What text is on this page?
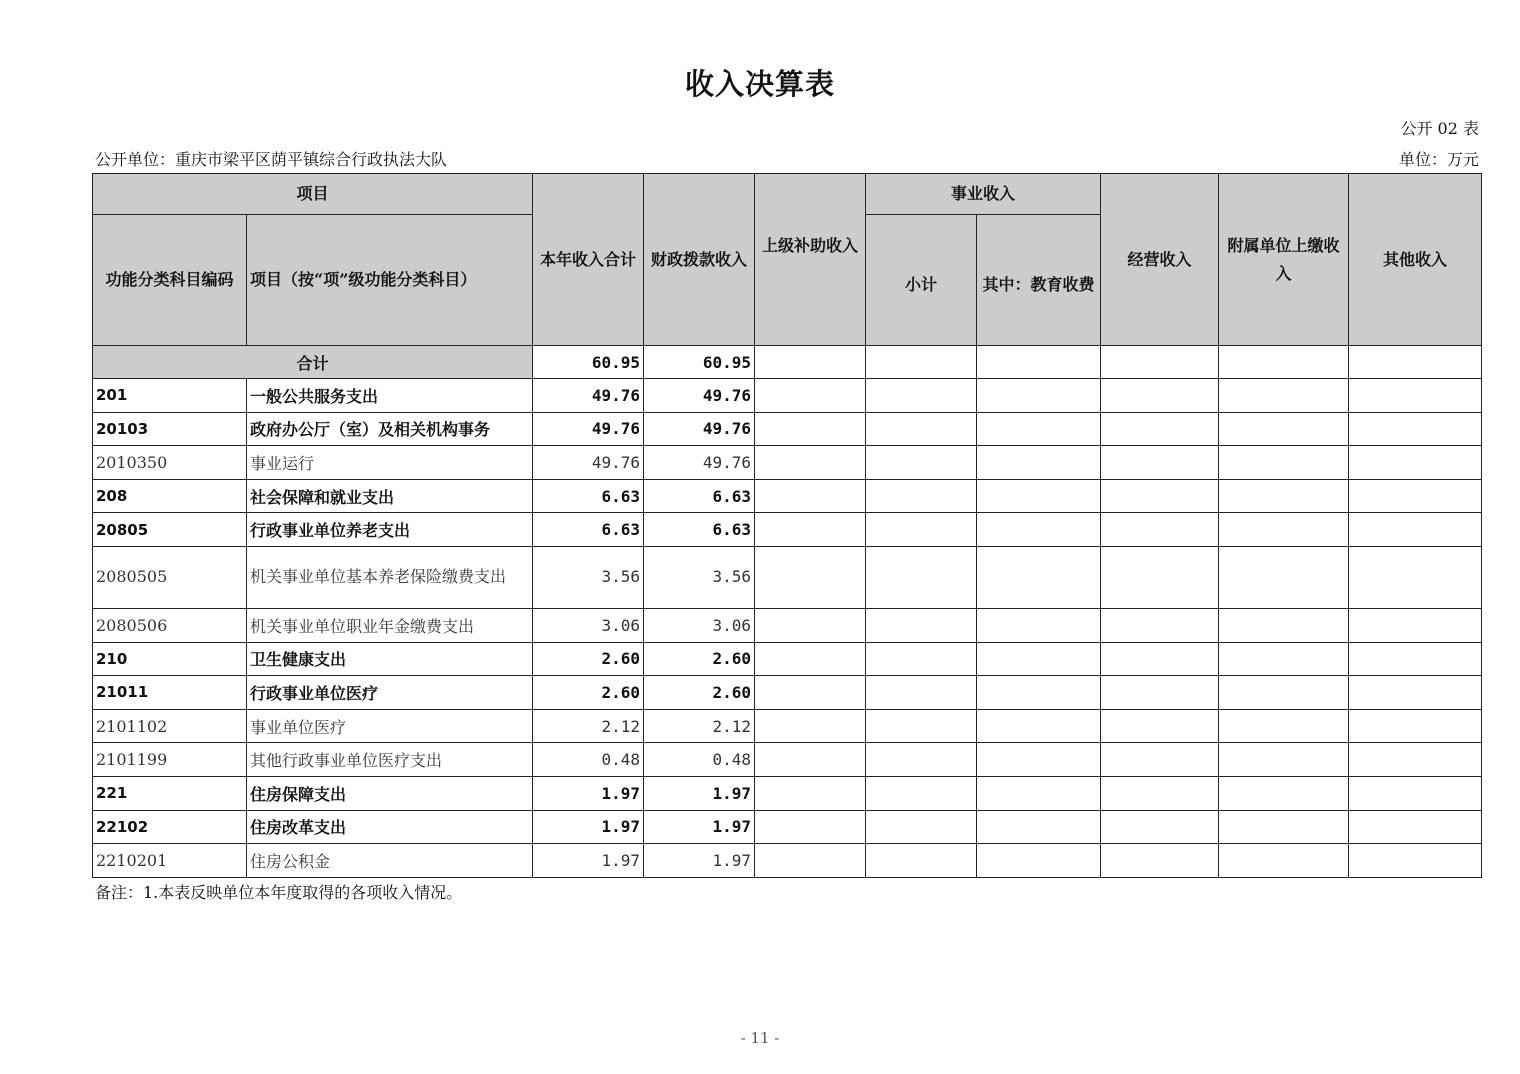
收入决算表
公开 02 表
公开单位：重庆市梁平区荫平镇综合行政执法大队	单位：万元
项目		本年收入合计	财政拨款收入	上级补助收入	事业收入		经营收入	附属单位上缴收入	其他收入
功能分类科目编码	项目（按“项”级功能分类科目）				小计	其中：教育收费			
合计		60.95	60.95						
201	一般公共服务支出	49.76	49.76						
20103	政府办公厅（室）及相关机构事务	49.76	49.76						
2010350	事业运行	49.76	49.76						
208	社会保障和就业支出	6.63	6.63						
20805	行政事业单位养老支出	6.63	6.63						
2080505	机关事业单位基本养老保险缴费支出	3.56	3.56						
2080506	机关事业单位职业年金缴费支出	3.06	3.06						
210	卫生健康支出	2.60	2.60						
21011	行政事业单位医疗	2.60	2.60						
2101102	事业单位医疗	2.12	2.12						
2101199	其他行政事业单位医疗支出	0.48	0.48						
221	住房保障支出	1.97	1.97						
22102	住房改革支出	1.97	1.97						
2210201	住房公积金	1.97	1.97						
备注：1.本表反映单位本年度取得的各项收入情况。
- 11 -
